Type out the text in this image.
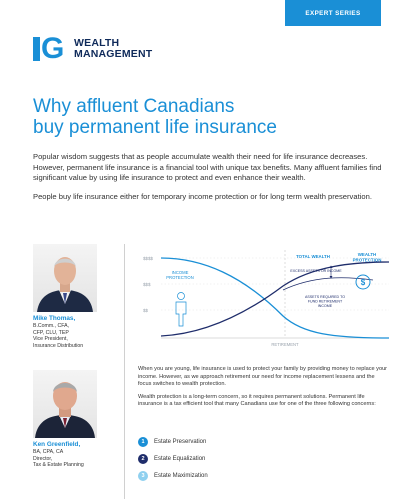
EXPERT SERIES
G WEALTH
MANAGEMENT
Why affluent Canadians
buy permanent life insurance

Popular wisdom suggests that as people accumulate wealth their need for life insurance decreases. However, permanent life insurance is a financial tool with unique tax benefits. Many affluent families find significant value by using life insurance to protect and even enhance their wealth.

People buy life insurance either for temporary income protection or for long term wealth preservation.

Mike Thomas,
B.Comm., CFA,
CFP, CLU, TEP
Vice President,
Insurance Distribution
Ken Greenfield,
BA, CPA, CA
Director,
Tax & Estate Planning
$$$$
$$$
$$
$
INCOME
PROTECTION
TOTAL WEALTH
EXCESS ASSETS OR INCOME
WEALTH
PROTECTION
ASSETS REQUIRED TO
FUND RETIREMENT
INCOME
RETIREMENT

When you are young, life insurance is used to protect your family by providing money to replace your income. However, as we approach retirement our need for income replacement lessens and the focus switches to wealth protection.

Wealth protection is a long-term concern, so it requires permanent solutions. Permanent life insurance is a tax efficient tool that many Canadians use for one of the three following concerns:

1	Estate Preservation
2	Estate Equalization
3	Estate Maximization
